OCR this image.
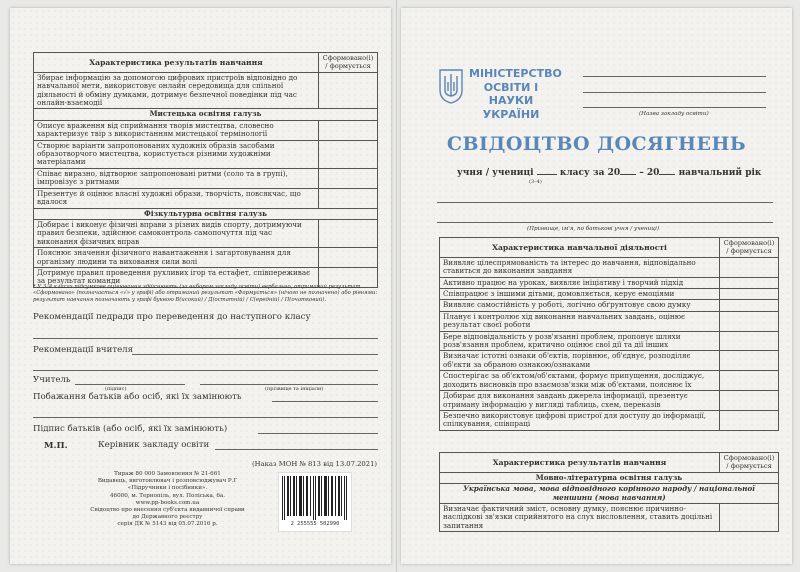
Характеристика результатів навчання	Сформовано(і) / формується
Збирає інформацію за допомогою цифрових пристроїв відповідно до навчальної мети, використовує онлайн середовища для спільної діяльності й обміну думками, дотримує безпечної поведінки під час онлайн-взаємодії	
Мистецька освітня галузь	
Описує враження від сприймання творів мистецтва, словесно характеризує твір з використанням мистецької термінології	
Створює варіанти запропонованих художніх образів засобами образотворчого мистецтва, користується різними художніми матеріалами	
Співає виразно, відтворює запропоновані ритми (соло та в групі), імпровізує з ритмами	
Презентує й оцінює власні художні образи, творчість, повсякчас, що вдалося	
Фізкультурна освітня галузь	
Добирає і виконує фізичні вправи з різних видів спорту, дотримуючи правил безпеки, здійснює самоконтроль самопочуття під час виконання фізичних вправ	
Пояснює значення фізичного навантаження і загартовування для організму людини та виховання сили волі	
Дотримує правил проведення рухливих ігор та естафет, співпереживає за результат команди	
* У 3–4 класах підсумкове оцінювання здійснюють (за вибором закладу освіти) вербально, отриманий результат «Сформовано» (позначається «√» у графі) або отриманий результат «Формується» (нічого не позначено) або рівнями: результат навчання позначають у графі буквою В(исокий) / Д(остатній) / С(ередній) / П(очатковий).
Рекомендації педради про переведення до наступного класу
Рекомендації вчителя
Учитель
(підпис)	(прізвище та ініціали)
Побажання батьків або осіб, які їх замінюють
Підпис батьків (або осіб, які їх замінюють)
М.П.	Керівник закладу освіти
(Наказ МОН № 813 від 13.07.2021)
Тираж 80 000 Замовлення № 21-661
Видавець, виготовлювач і розповсюджувач Р.Г «Підручники і посібники».
46000, м. Тернопіль, вул. Поліська, 6а.
www.pp-books.com.ua
Свідоцтво про внесення суб'єкта видавничої справи
до Державного реєстру
серія ДК № 5143 від 05.07.2016 р.	2 255555 502990
МІНІСТЕРСТВО
ОСВІТИ І НАУКИ
УКРАЇНИ	(Назва закладу освіти)
СВІДОЦТВО ДОСЯГНЕНЬ
учня / учениці	класу за 20 – 20 навчальний рік
(3–4)
(Прізвище, ім'я, по батькові учня / учениці)
Характеристика навчальної діяльності	Сформовано(і) / формується
Виявляє цілеспрямованість та інтерес до навчання, відповідально ставиться до виконання завдання	
Активно працює на уроках, виявляє ініціативу і творчий підхід	
Співпрацює з іншими дітьми, домовляється, керує емоціями	
Виявляє самостійність у роботі, логічно обґрунтовує свою думку	
Планує і контролює хід виконання навчальних завдань, оцінює результат своєї роботи	
Бере відповідальність у розв'язанні проблем, пропонує шляхи розв'язання проблем, критично оцінює свої дії та дії інших	
Визначає істотні ознаки об'єктів, порівнює, об'єднує, розподіляє об'єкти за обраною ознакою/ознаками	
Спостерігає за об'єктом/об'єктами, формує припущення, досліджує, доходить висновків про взаємозв'язки між об'єктами, пояснює їх	
Добирає для виконання завдань джерела інформації, презентує отриману інформацію у вигляді таблиць, схем, переказів	
Безпечно використовує цифрові пристрої для доступу до інформації, спілкування, співпраці	
Характеристика результатів навчання	Сформовано(і) / формується
Мовно-літературна освітня галузь	
Українська мова, мова відповідного корінного народу / національної меншини (мова навчання)	
Визначає фактичний зміст, основну думку, пояснює причинно-наслідкові зв'язки сприйнятого на слух висловлення, ставить доцільні запитання	
